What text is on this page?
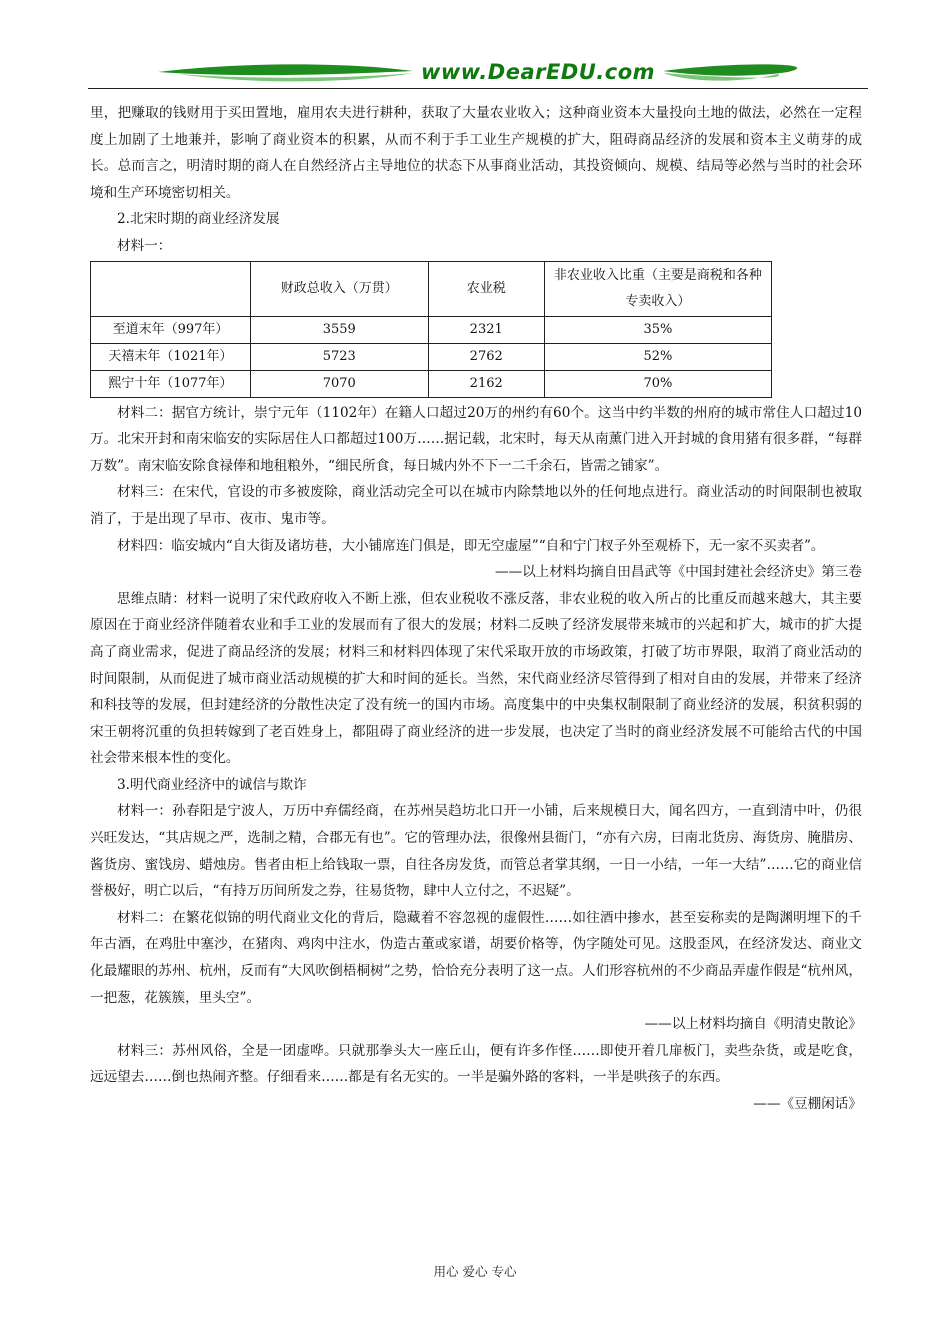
www.DearEDU.com

里，把赚取的钱财用于买田置地，雇用农夫进行耕种，获取了大量农业收入；这种商业资本大量投向土地的做法，必然在一定程度上加剧了土地兼并，影响了商业资本的积累，从而不利于手工业生产规模的扩大，阻碍商品经济的发展和资本主义萌芽的成长。总而言之，明清时期的商人在自然经济占主导地位的状态下从事商业活动，其投资倾向、规模、结局等必然与当时的社会环境和生产环境密切相关。

2.北宋时期的商业经济发展

材料一：

	财政总收入（万贯）	农业税	非农业收入比重（主要是商税和各种专卖收入）
至道末年（997年）	3559	2321	35%
天禧末年（1021年）	5723	2762	52%
熙宁十年（1077年）	7070	2162	70%

材料二：据官方统计，崇宁元年（1102年）在籍人口超过20万的州约有60个。这当中约半数的州府的城市常住人口超过10万。北宋开封和南宋临安的实际居住人口都超过100万……据记载，北宋时，每天从南薰门进入开封城的食用猪有很多群，“每群万数”。南宋临安除食禄俸和地租粮外，“细民所食，每日城内外不下一二千余石，皆需之铺家”。

材料三：在宋代，官设的市多被废除，商业活动完全可以在城市内除禁地以外的任何地点进行。商业活动的时间限制也被取消了，于是出现了早市、夜市、鬼市等。

材料四：临安城内“自大街及诸坊巷，大小铺席连门俱是，即无空虚屋”“自和宁门杈子外至观桥下，无一家不买卖者”。

——以上材料均摘自田昌武等《中国封建社会经济史》第三卷

思维点睛：材料一说明了宋代政府收入不断上涨，但农业税收不涨反落，非农业税的收入所占的比重反而越来越大，其主要原因在于商业经济伴随着农业和手工业的发展而有了很大的发展；材料二反映了经济发展带来城市的兴起和扩大，城市的扩大提高了商业需求，促进了商品经济的发展；材料三和材料四体现了宋代采取开放的市场政策，打破了坊市界限，取消了商业活动的时间限制，从而促进了城市商业活动规模的扩大和时间的延长。当然，宋代商业经济尽管得到了相对自由的发展，并带来了经济和科技等的发展，但封建经济的分散性决定了没有统一的国内市场。高度集中的中央集权制限制了商业经济的发展，积贫积弱的宋王朝将沉重的负担转嫁到了老百姓身上，都阻碍了商业经济的进一步发展，也决定了当时的商业经济发展不可能给古代的中国社会带来根本性的变化。

3.明代商业经济中的诚信与欺诈

材料一：孙春阳是宁波人，万历中弃儒经商，在苏州吴趋坊北口开一小铺，后来规模日大，闻名四方，一直到清中叶，仍很兴旺发达，“其店规之严，选制之精，合郡无有也”。它的管理办法，很像州县衙门，“亦有六房，曰南北货房、海货房、腌腊房、酱货房、蜜饯房、蜡烛房。售者由柜上给钱取一票，自往各房发货，而管总者掌其纲，一日一小结，一年一大结”……它的商业信誉极好，明亡以后，“有持万历间所发之券，往易货物，肆中人立付之，不迟疑”。

材料二：在繁花似锦的明代商业文化的背后，隐藏着不容忽视的虚假性……如往酒中掺水，甚至妄称卖的是陶渊明埋下的千年古酒，在鸡肚中塞沙，在猪肉、鸡肉中注水，伪造古董或家谱，胡要价格等，伪字随处可见。这股歪风，在经济发达、商业文化最耀眼的苏州、杭州，反而有“大风吹倒梧桐树”之势，恰恰充分表明了这一点。人们形容杭州的不少商品弄虚作假是“杭州风，一把葱，花簇簇，里头空”。

——以上材料均摘自《明清史散论》

材料三：苏州风俗，全是一团虚哗。只就那拳头大一座丘山，便有许多作怪……即使开着几扉板门，卖些杂货，或是吃食，远远望去……倒也热闹齐整。仔细看来……都是有名无实的。一半是骗外路的客料，一半是哄孩子的东西。

——《豆棚闲话》

用心 爱心 专心
